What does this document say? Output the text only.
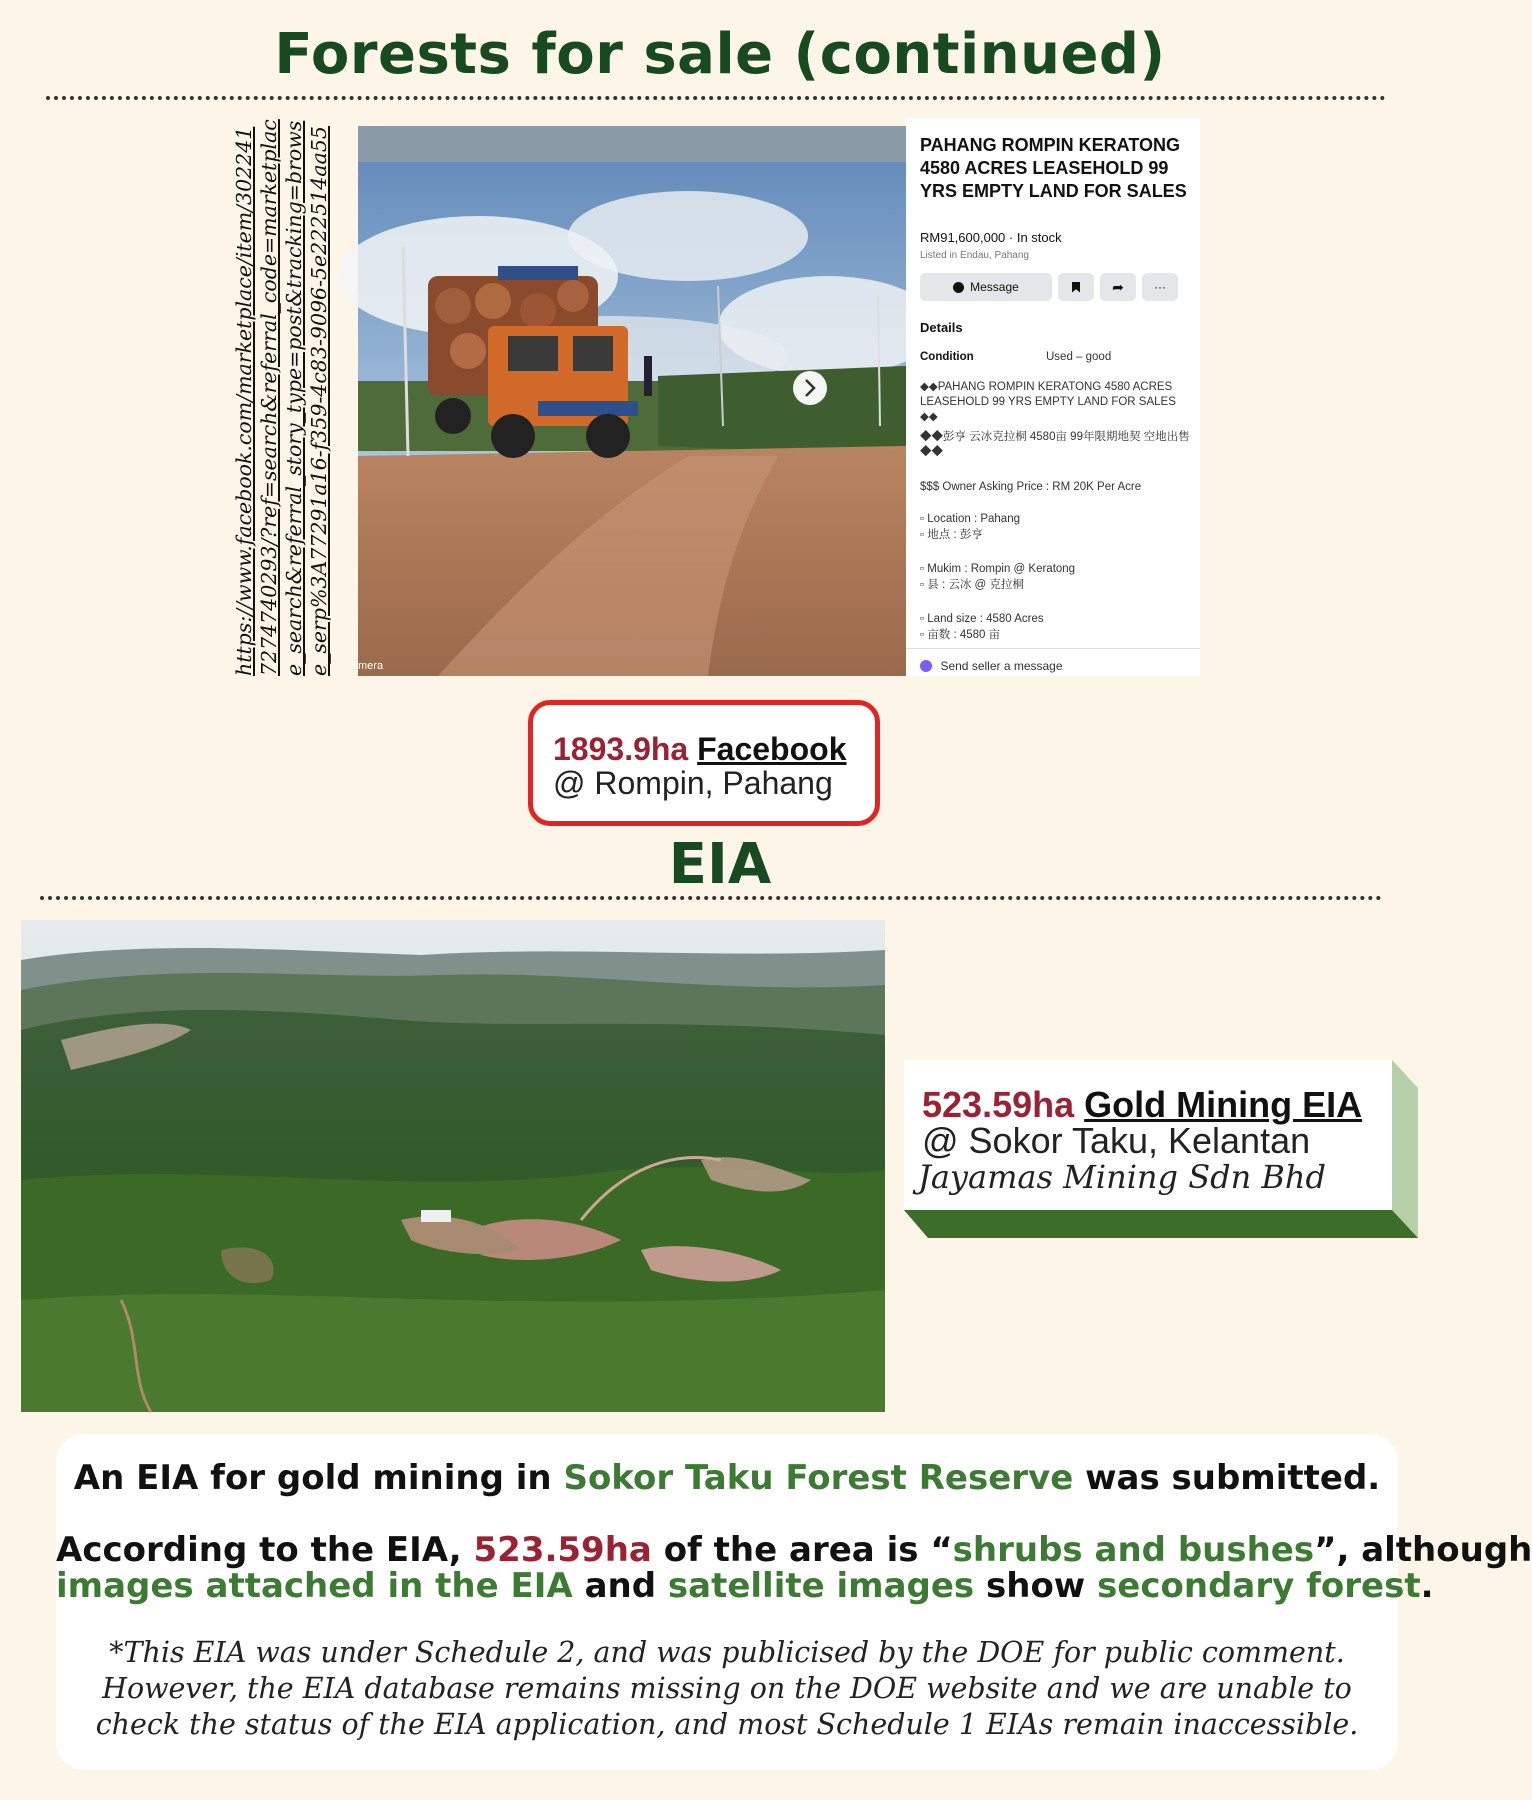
Forests for sale (continued)
https://www.facebook.com/marketplace/item/3022417274740293/?ref=search&referral_code=marketplace_search&referral_story_type=post&tracking=browse_serp%3A77291a16-f359-4c83-9096-5e222514aa55	mera
PAHANG ROMPIN KERATONG 4580 ACRES LEASEHOLD 99 YRS EMPTY LAND FOR SALES
RM91,600,000 · In stock
Listed in Endau, Pahang
Message	➦	···
Details
Condition	Used – good
◆◆PAHANG ROMPIN KERATONG 4580 ACRES LEASEHOLD 99 YRS EMPTY LAND FOR SALES ◆◆
◆◆彭亨 云冰克拉桐 4580亩 99年限期地契 空地出售◆◆
$$$ Owner Asking Price : RM 20K Per Acre
▫ Location : Pahang
▫ 地点 : 彭亨
▫ Mukim : Rompin @ Keratong
▫ 县 : 云冰 @ 克拉桐
▫ Land size : 4580 Acres
▫ 亩数 : 4580 亩
Send seller a message
1893.9ha Facebook
@ Rompin, Pahang
EIA
523.59ha Gold Mining EIA
@ Sokor Taku, Kelantan
Jayamas Mining Sdn Bhd
An EIA for gold mining in Sokor Taku Forest Reserve was submitted.
According to the EIA, 523.59ha of the area is “shrubs and bushes”, although
images attached in the EIA and satellite images show secondary forest.
*This EIA was under Schedule 2, and was publicised by the DOE for public comment.
However, the EIA database remains missing on the DOE website and we are unable to
check the status of the EIA application, and most Schedule 1 EIAs remain inaccessible.
